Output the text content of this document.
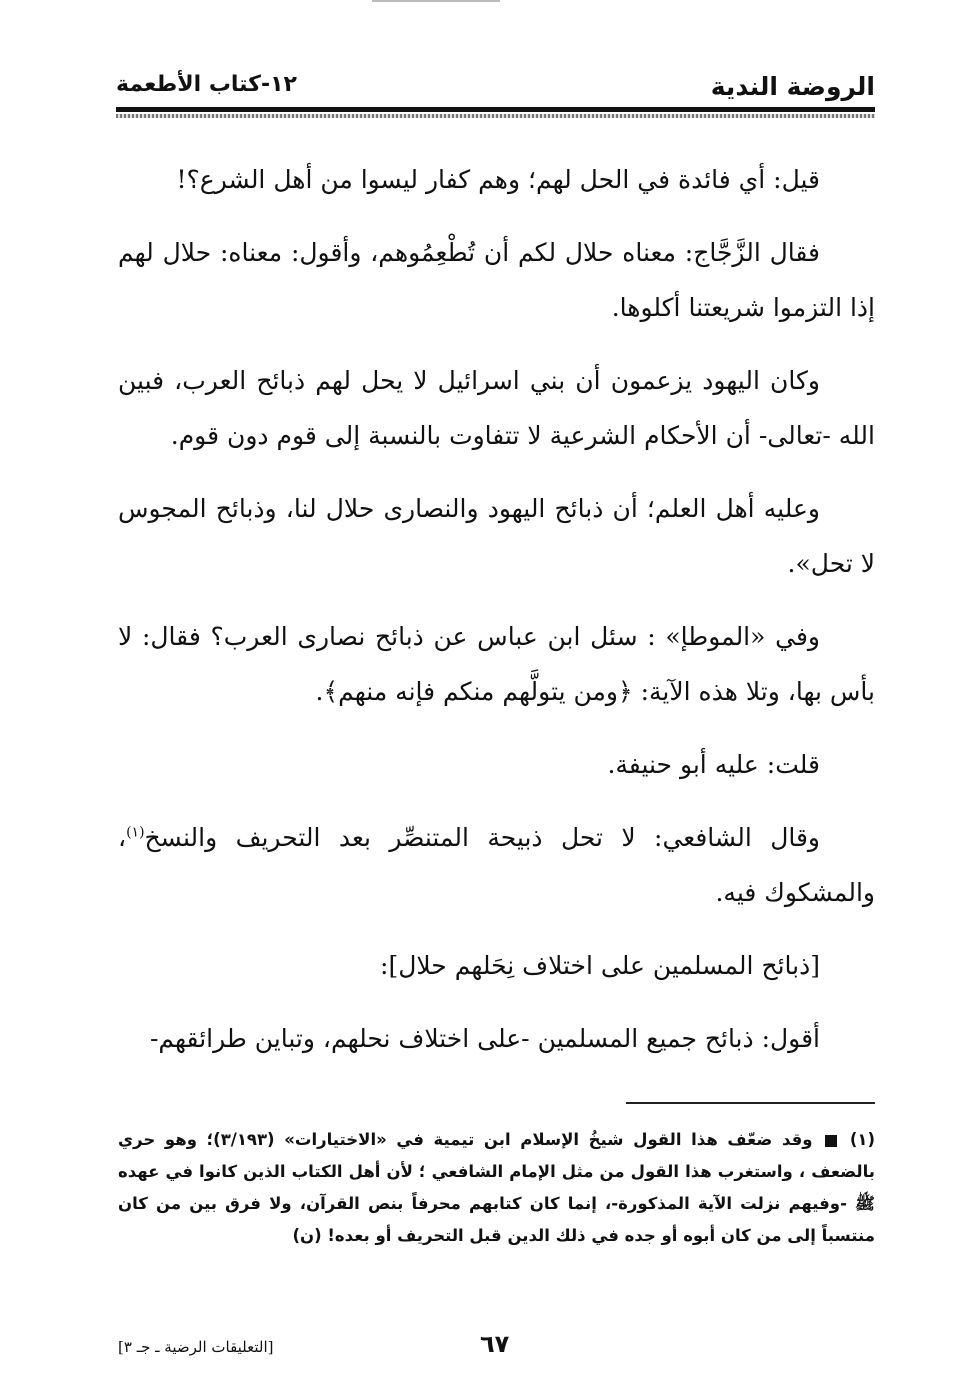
الروضة الندية
١٢-كتاب الأطعمة

قيل: أي فائدة في الحل لهم؛ وهم كفار ليسوا من أهل الشرع؟!

فقال الزَّجَّاج: معناه حلال لكم أن تُطْعِمُوهم، وأقول: معناه: حلال لهم إذا التزموا شريعتنا أكلوها.

وكان اليهود يزعمون أن بني اسرائيل لا يحل لهم ذبائح العرب، فبين الله -تعالى- أن الأحكام الشرعية لا تتفاوت بالنسبة إلى قوم دون قوم.

وعليه أهل العلم؛ أن ذبائح اليهود والنصارى حلال لنا، وذبائح المجوس لا تحل».

وفي «الموطإ» : سئل ابن عباس عن ذبائح نصارى العرب؟ فقال: لا بأس بها، وتلا هذه الآية: ﴿ومن يتولَّهم منكم فإنه منهم﴾.

قلت: عليه أبو حنيفة.

وقال الشافعي: لا تحل ذبيحة المتنصِّر بعد التحريف والنسخ$^{(١)}$، والمشكوك فيه.

[ذبائح المسلمين على اختلاف نِحَلهم حلال]:

أقول: ذبائح جميع المسلمين -على اختلاف نحلهم، وتباين طرائقهم-

(١)  وقد ضعّف هذا القول شيخُ الإسلام ابن تيمية في «الاختيارات» (٣/١٩٣)؛ وهو حري بالضعف ، واستغرب هذا القول من مثل الإمام الشافعي ؛ لأن أهل الكتاب الذين كانوا في عهده ﷺ -وفيهم نزلت الآية المذكورة-، إنما كان كتابهم محرفاً بنص القرآن، ولا فرق بين من كان منتسباً إلى من كان أبوه أو جده في ذلك الدين قبل التحريف أو بعده! (ن)
٦٧
[التعليقات الرضية ـ جـ ٣]
